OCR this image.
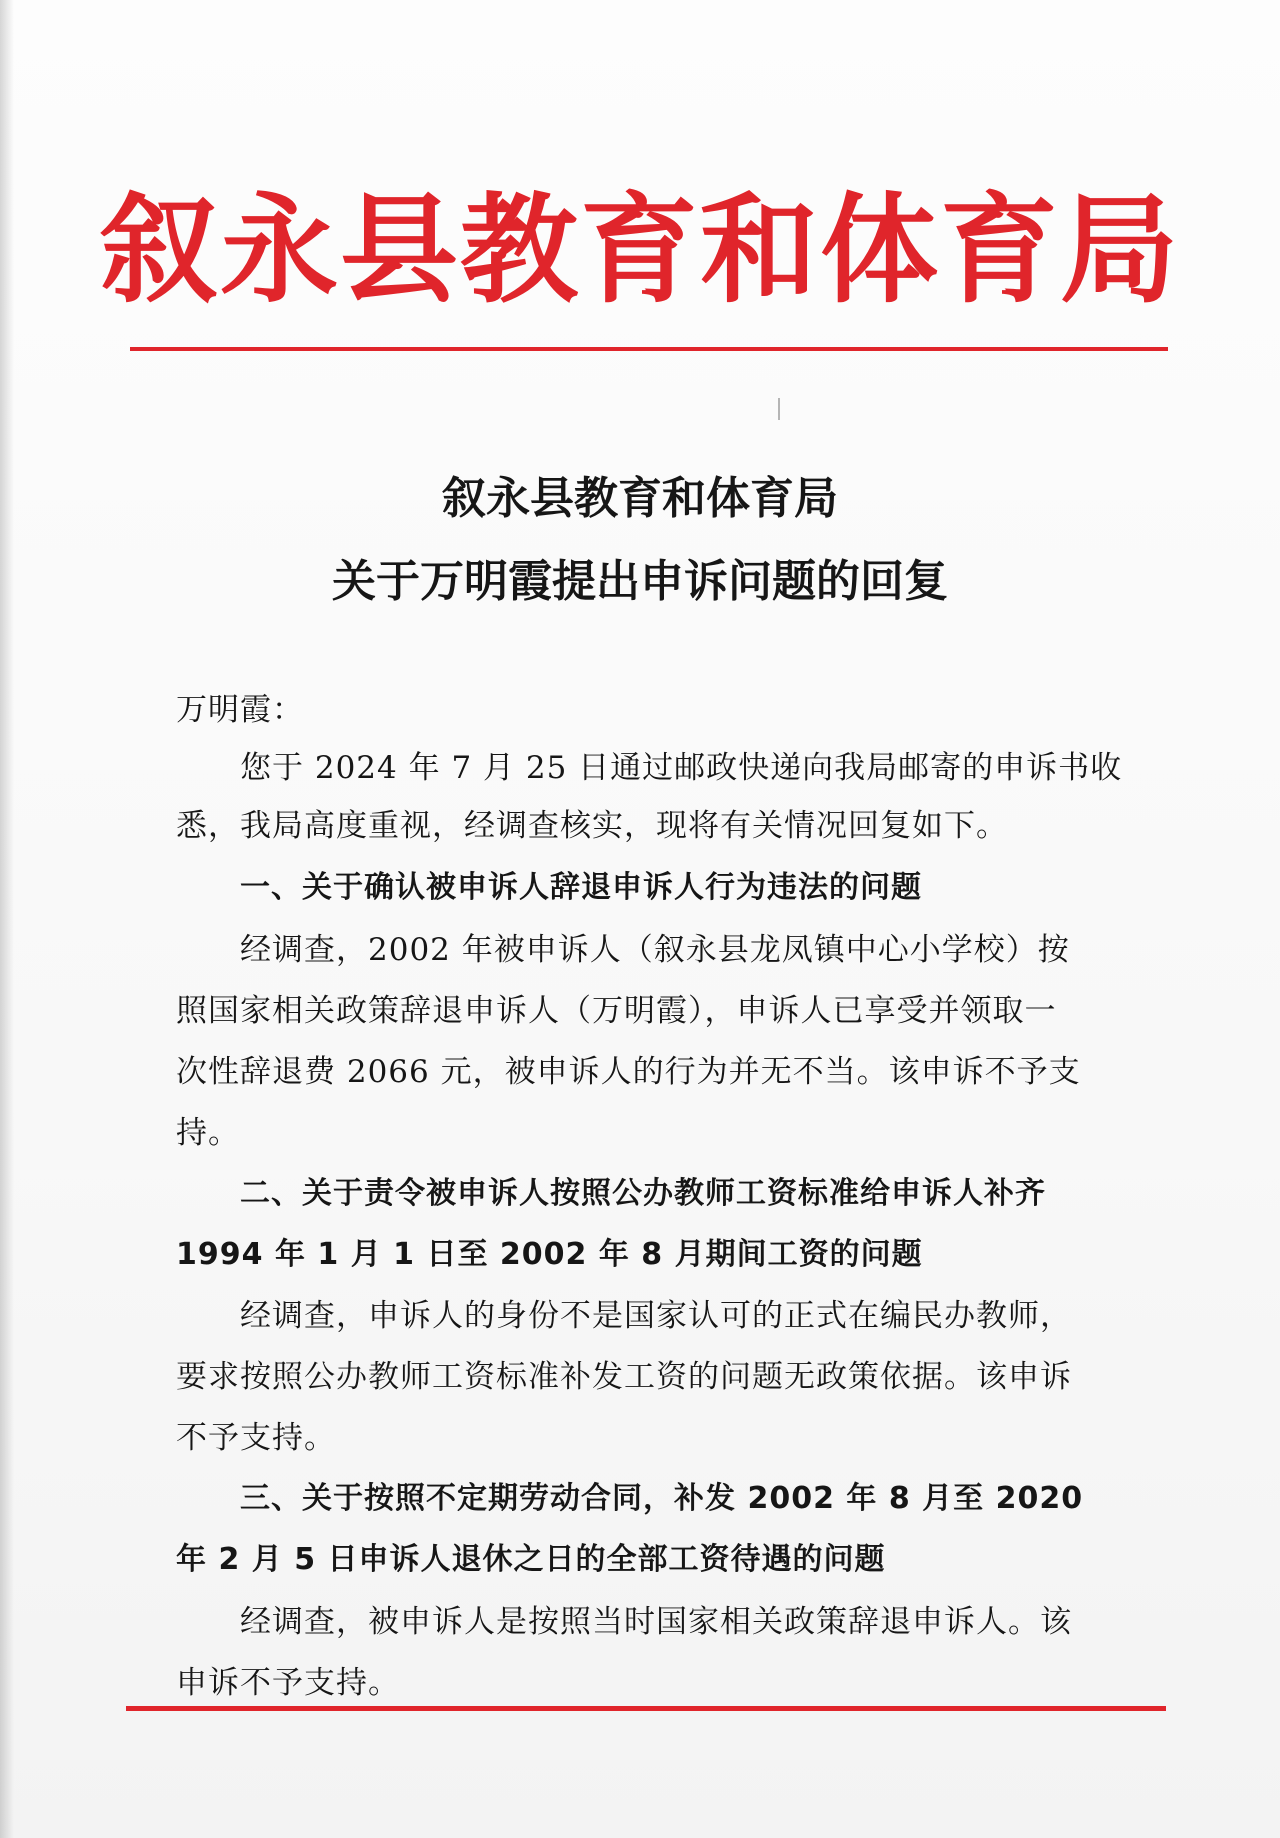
叙永县教育和体育局
叙永县教育和体育局
关于万明霞提出申诉问题的回复
万明霞：
您于 2024 年 7 月 25 日通过邮政快递向我局邮寄的申诉书收
悉，我局高度重视，经调查核实，现将有关情况回复如下。
一、关于确认被申诉人辞退申诉人行为违法的问题
经调查，2002 年被申诉人（叙永县龙凤镇中心小学校）按
照国家相关政策辞退申诉人（万明霞），申诉人已享受并领取一
次性辞退费 2066 元，被申诉人的行为并无不当。该申诉不予支
持。
二、关于责令被申诉人按照公办教师工资标准给申诉人补齐
1994 年 1 月 1 日至 2002 年 8 月期间工资的问题
经调查，申诉人的身份不是国家认可的正式在编民办教师，
要求按照公办教师工资标准补发工资的问题无政策依据。该申诉
不予支持。
三、关于按照不定期劳动合同，补发 2002 年 8 月至 2020
年 2 月 5 日申诉人退休之日的全部工资待遇的问题
经调查，被申诉人是按照当时国家相关政策辞退申诉人。该
申诉不予支持。
